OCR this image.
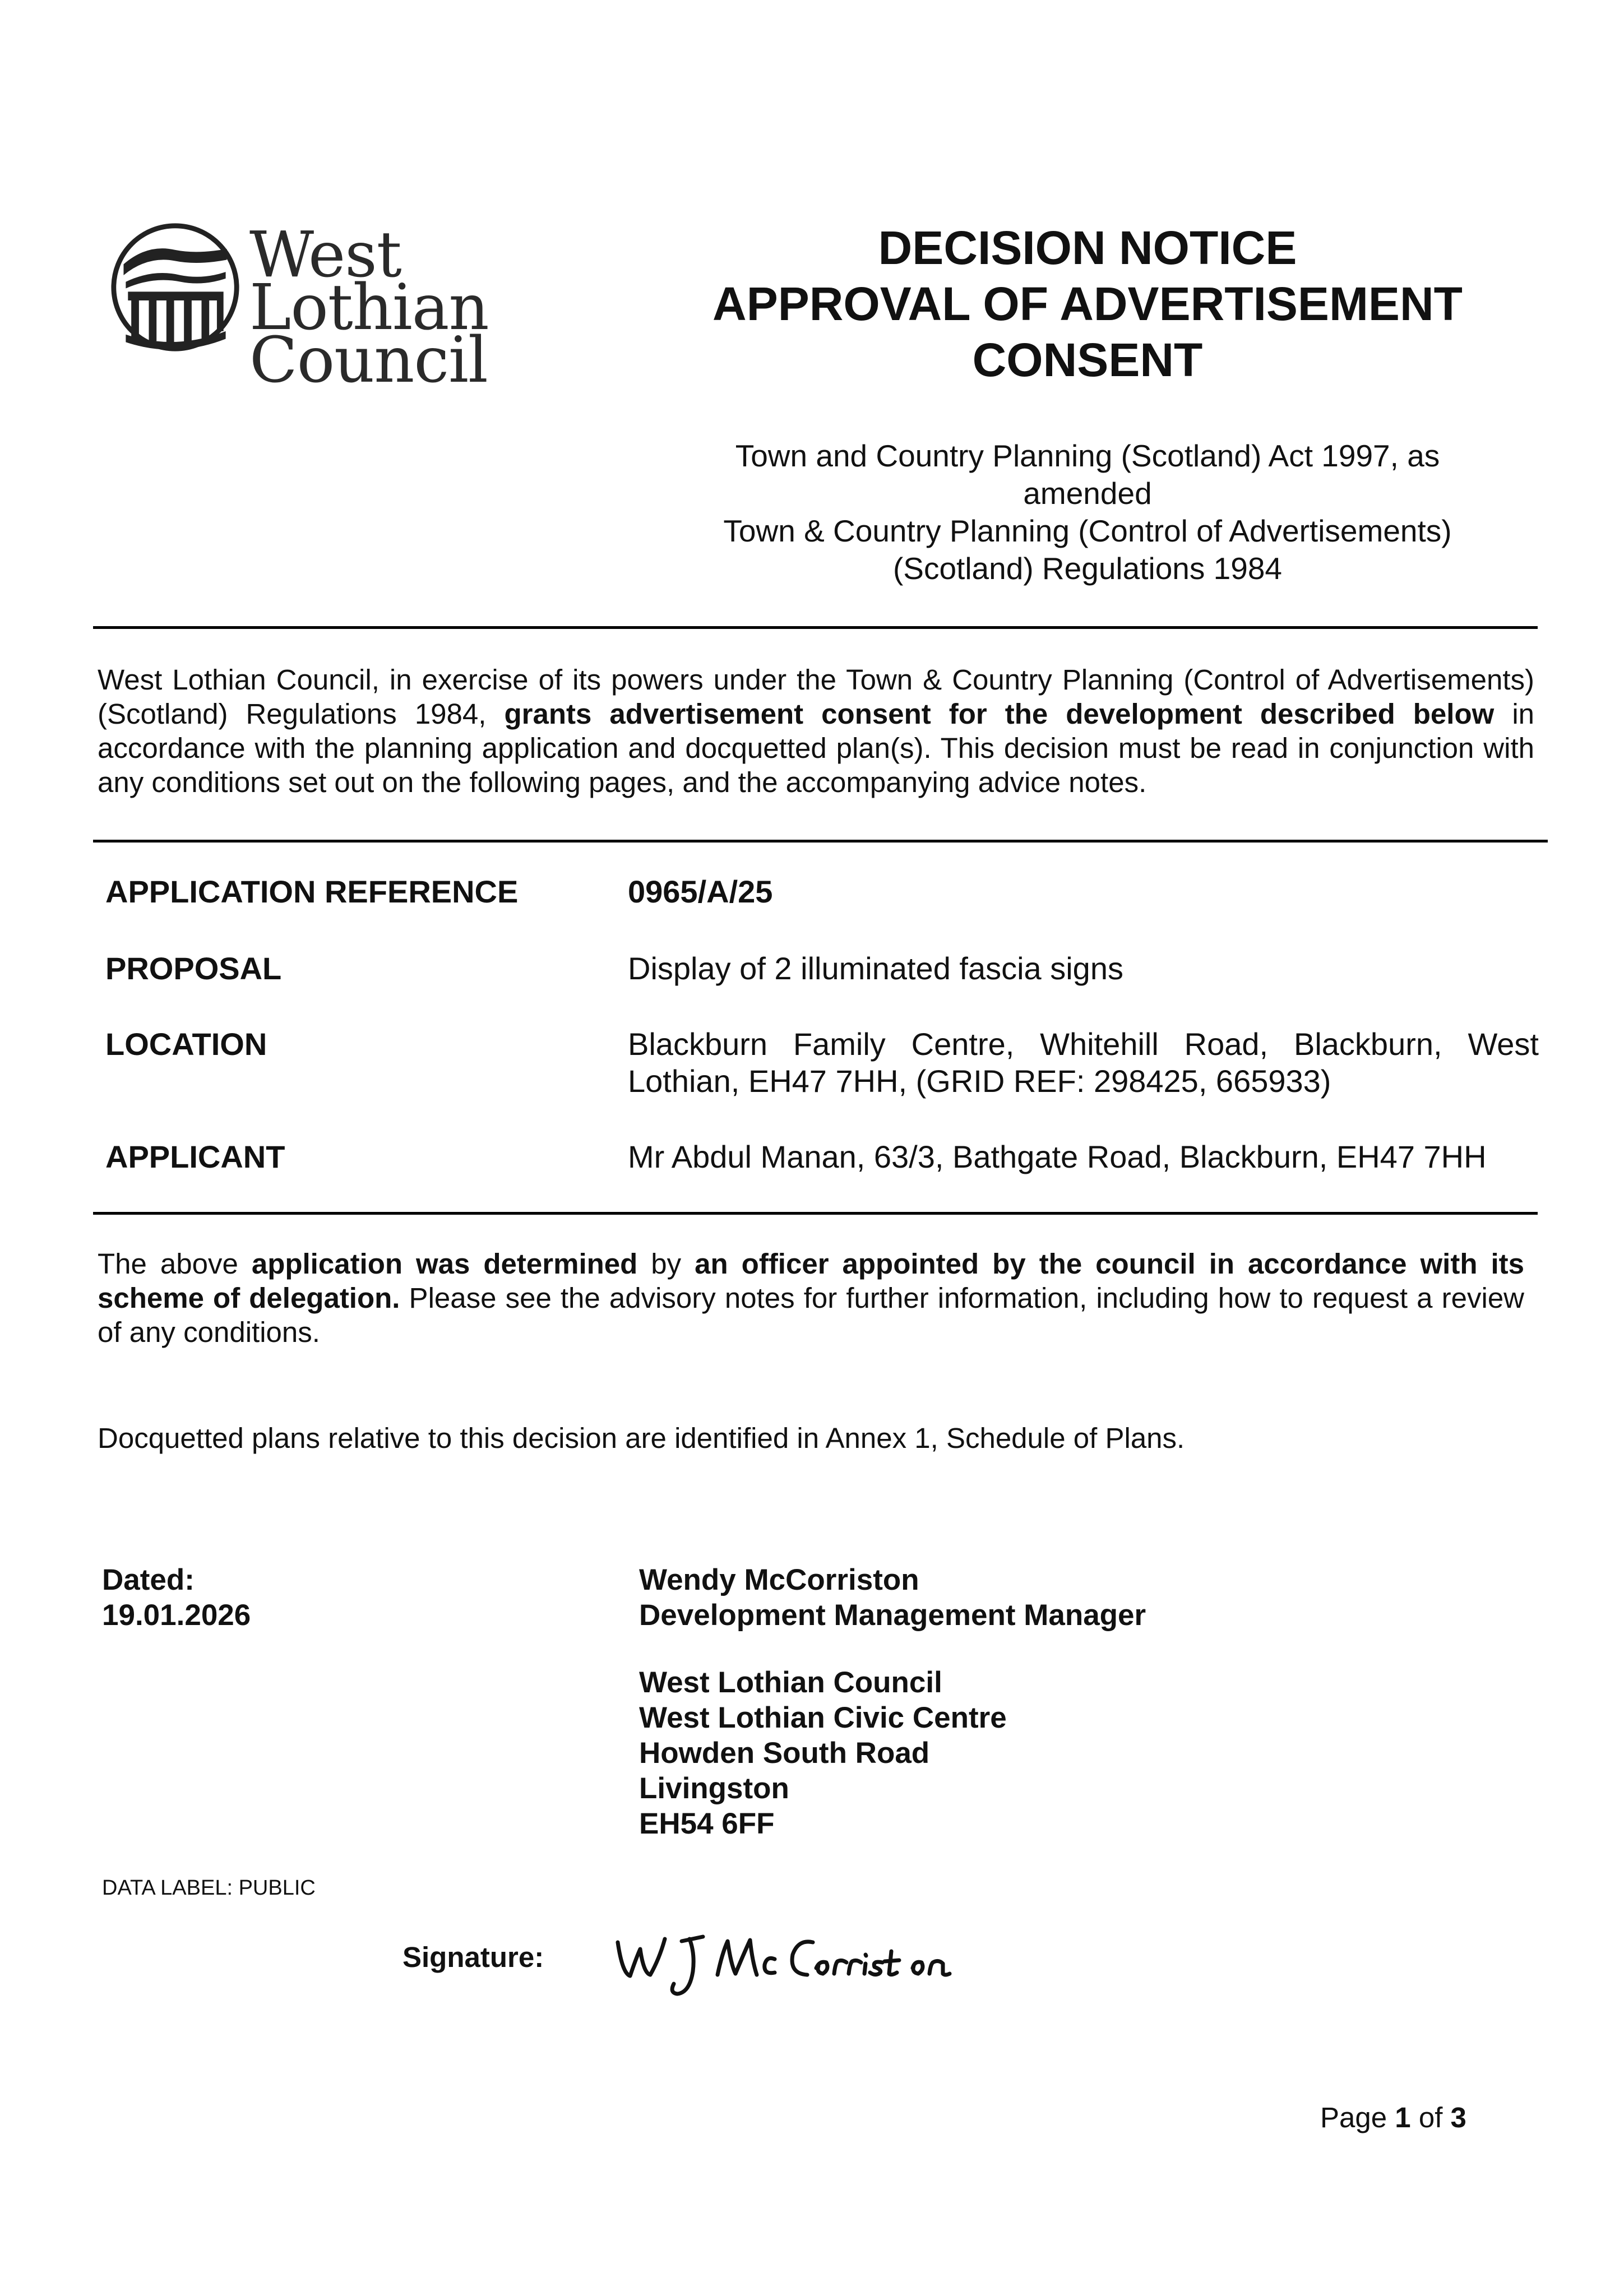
West Lothian
Council
DECISION NOTICE
APPROVAL OF ADVERTISEMENT
CONSENT
Town and Country Planning (Scotland) Act 1997, as
amended
Town & Country Planning (Control of Advertisements)
(Scotland) Regulations 1984
West Lothian Council, in exercise of its powers under the Town & Country Planning (Control of Advertisements) (Scotland) Regulations 1984, grants advertisement consent for the development described below in accordance with the planning application and docquetted plan(s). This decision must be read in conjunction with any conditions set out on the following pages, and the accompanying advice notes.
APPLICATION REFERENCE	0965/A/25
PROPOSAL	Display of 2 illuminated fascia signs
LOCATION	Blackburn Family Centre, Whitehill Road, Blackburn, West Lothian, EH47 7HH, (GRID REF: 298425, 665933)
APPLICANT	Mr Abdul Manan, 63/3, Bathgate Road, Blackburn, EH47 7HH
The above application was determined by an officer appointed by the council in accordance with its scheme of delegation. Please see the advisory notes for further information, including how to request a review of any conditions.
Docquetted plans relative to this decision are identified in Annex 1, Schedule of Plans.
Dated:
19.01.2026
Wendy McCorriston
Development Management Manager
West Lothian Council
West Lothian Civic Centre
Howden South Road
Livingston
EH54 6FF
DATA LABEL: PUBLIC
Signature:
Page 1 of 3
